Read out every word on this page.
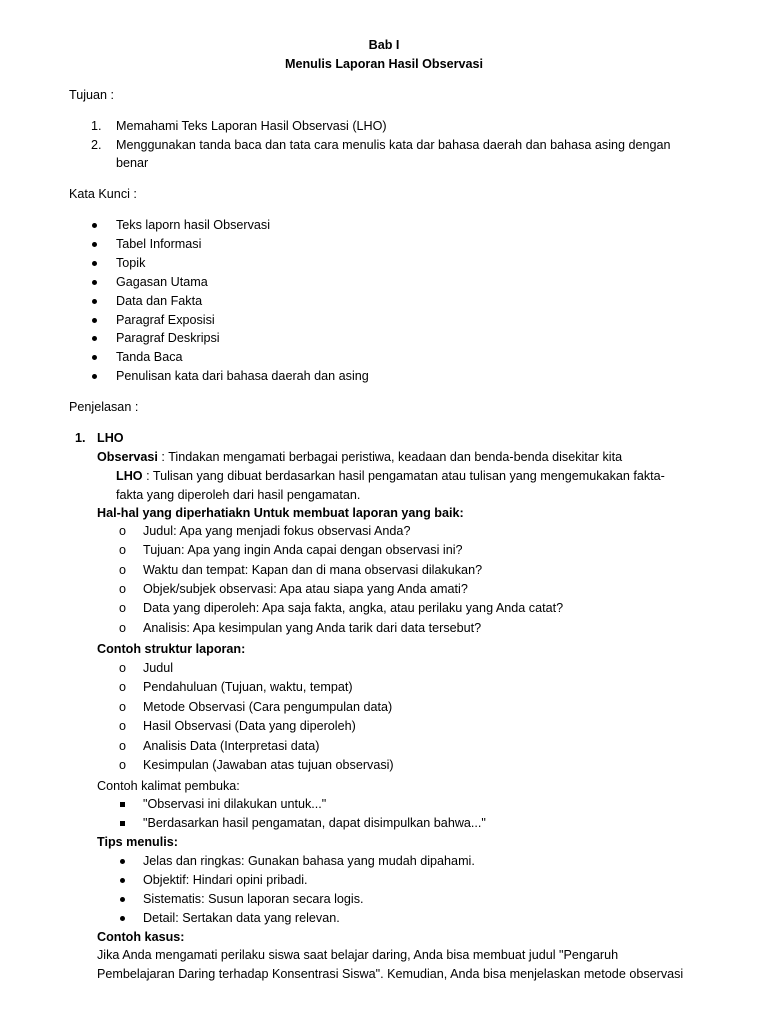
Bab I
Menulis Laporan Hasil Observasi
Tujuan :
1. Memahami Teks Laporan Hasil Observasi (LHO)
2. Menggunakan tanda baca dan tata cara menulis kata dar bahasa daerah dan bahasa asing dengan
benar
Kata Kunci :
Teks laporn hasil Observasi
Tabel Informasi
Topik
Gagasan Utama
Data dan Fakta
Paragraf Exposisi
Paragraf Deskripsi
Tanda Baca
Penulisan kata dari bahasa daerah dan asing
Penjelasan :
1. LHO
Observasi : Tindakan mengamati berbagai peristiwa, keadaan dan benda-benda disekitar kita
LHO : Tulisan yang dibuat berdasarkan hasil pengamatan atau tulisan yang mengemukakan fakta-
fakta yang diperoleh dari hasil pengamatan.
Hal-hal yang diperhatiakn Untuk membuat laporan yang baik:
o Judul: Apa yang menjadi fokus observasi Anda?
o Tujuan: Apa yang ingin Anda capai dengan observasi ini?
o Waktu dan tempat: Kapan dan di mana observasi dilakukan?
o Objek/subjek observasi: Apa atau siapa yang Anda amati?
o Data yang diperoleh: Apa saja fakta, angka, atau perilaku yang Anda catat?
o Analisis: Apa kesimpulan yang Anda tarik dari data tersebut?
Contoh struktur laporan:
o Judul
o Pendahuluan (Tujuan, waktu, tempat)
o Metode Observasi (Cara pengumpulan data)
o Hasil Observasi (Data yang diperoleh)
o Analisis Data (Interpretasi data)
o Kesimpulan (Jawaban atas tujuan observasi)
Contoh kalimat pembuka:
"Observasi ini dilakukan untuk..."
"Berdasarkan hasil pengamatan, dapat disimpulkan bahwa..."
Tips menulis:
Jelas dan ringkas: Gunakan bahasa yang mudah dipahami.
Objektif: Hindari opini pribadi.
Sistematis: Susun laporan secara logis.
Detail: Sertakan data yang relevan.
Contoh kasus:
Jika Anda mengamati perilaku siswa saat belajar daring, Anda bisa membuat judul "Pengaruh
Pembelajaran Daring terhadap Konsentrasi Siswa". Kemudian, Anda bisa menjelaskan metode observasi
